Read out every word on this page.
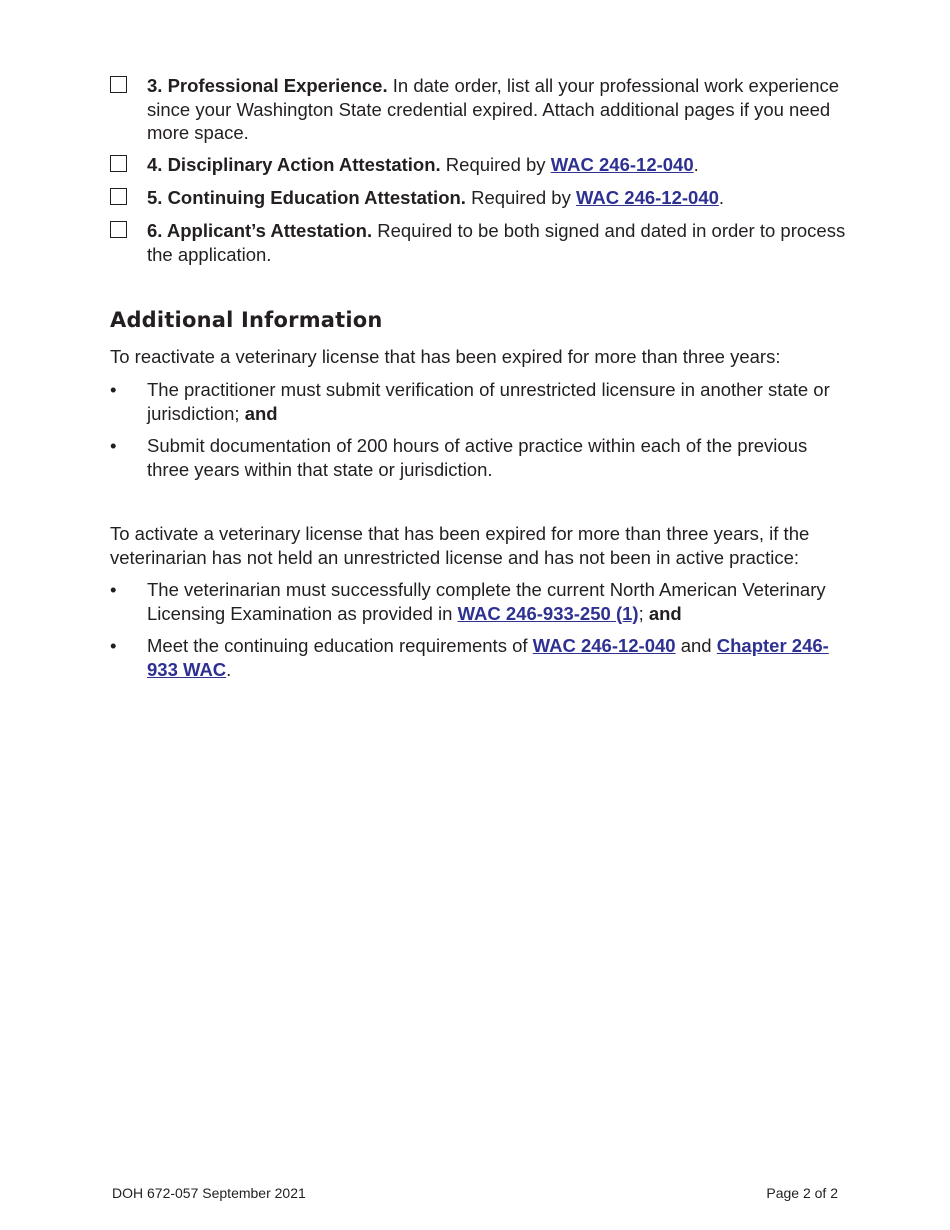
3. Professional Experience. In date order, list all your professional work experience since your Washington State credential expired. Attach additional pages if you need more space.
4. Disciplinary Action Attestation. Required by WAC 246-12-040.
5. Continuing Education Attestation. Required by WAC 246-12-040.
6. Applicant’s Attestation. Required to be both signed and dated in order to process the application.
Additional Information
To reactivate a veterinary license that has been expired for more than three years:
• The practitioner must submit verification of unrestricted licensure in another state or jurisdiction; and
• Submit documentation of 200 hours of active practice within each of the previous three years within that state or jurisdiction.
To activate a veterinary license that has been expired for more than three years, if the veterinarian has not held an unrestricted license and has not been in active practice:
• The veterinarian must successfully complete the current North American Veterinary Licensing Examination as provided in WAC 246-933-250 (1); and
• Meet the continuing education requirements of WAC 246-12-040 and Chapter 246-933 WAC.
DOH 672-057 September 2021	Page 2 of 2
